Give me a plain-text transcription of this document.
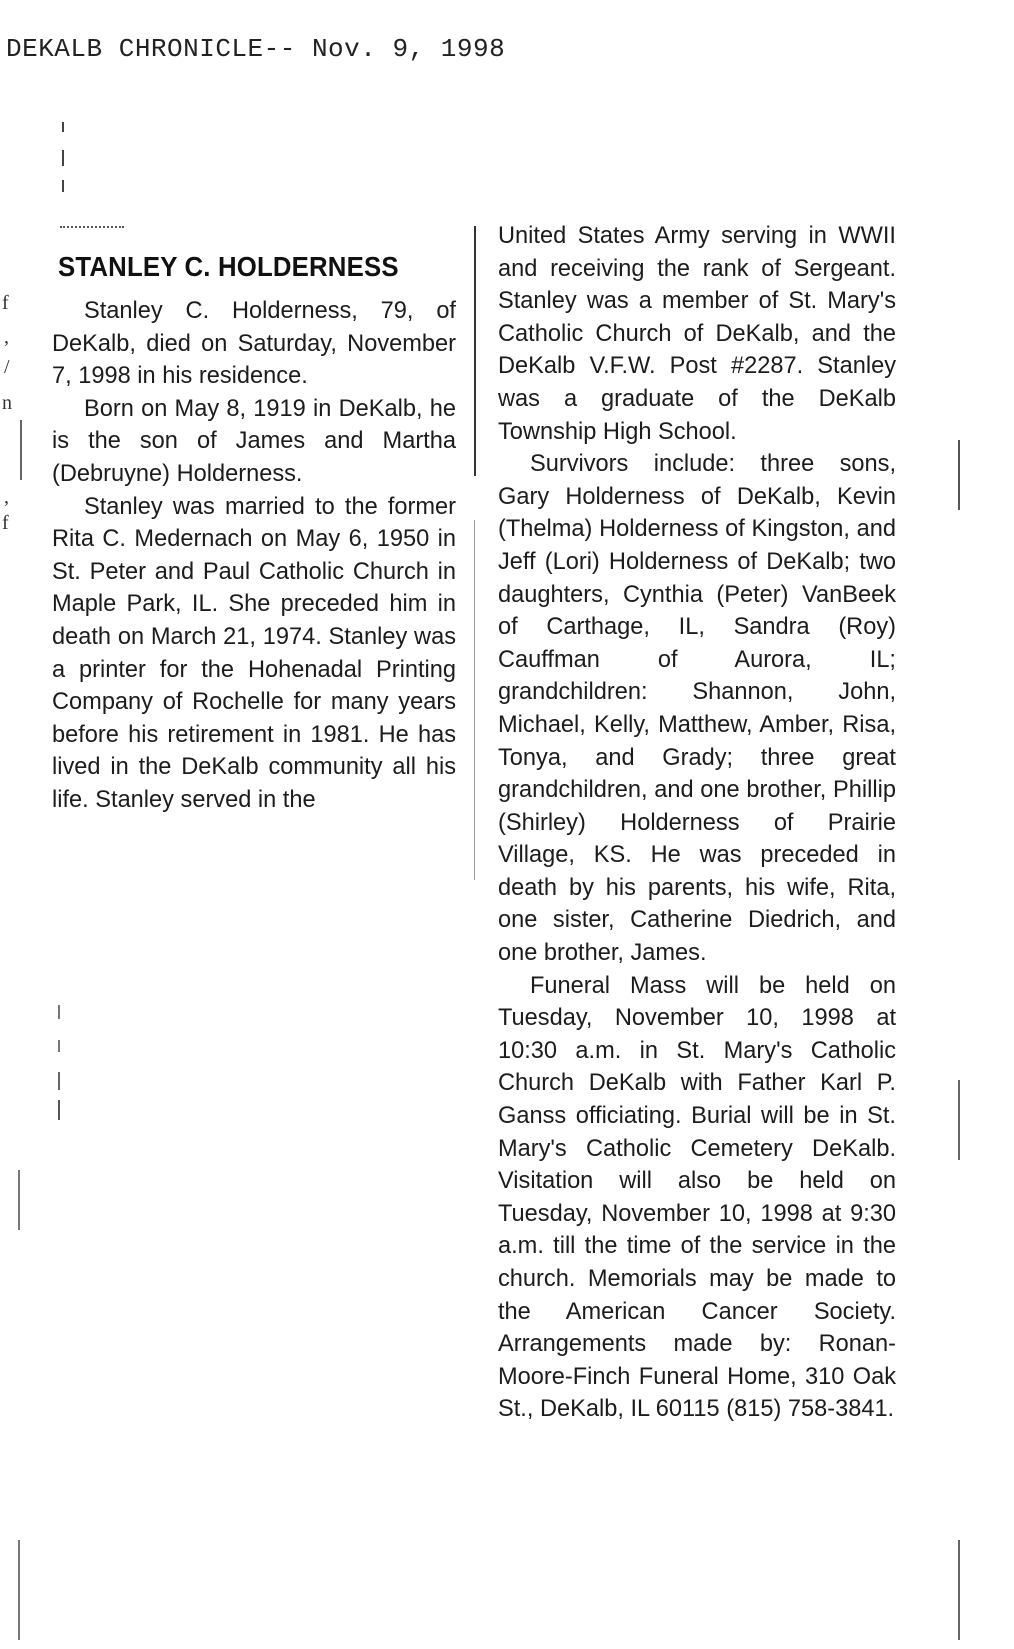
DEKALB CHRONICLE-- Nov. 9, 1998
f
,
/
n
,
f
STANLEY C. HOLDERNESS

Stanley C. Holderness, 79, of DeKalb, died on Saturday, November 7, 1998 in his residence.

Born on May 8, 1919 in DeKalb, he is the son of James and Martha (Debruyne) Holderness.

Stanley was married to the former Rita C. Medernach on May 6, 1950 in St. Peter and Paul Catholic Church in Maple Park, IL. She preceded him in death on March 21, 1974. Stanley was a printer for the Hohenadal Printing Company of Rochelle for many years before his retirement in 1981. He has lived in the DeKalb community all his life. Stanley served in the

United States Army serving in WWII and receiving the rank of Sergeant. Stanley was a member of St. Mary's Catholic Church of DeKalb, and the DeKalb V.F.W. Post #2287. Stanley was a graduate of the DeKalb Township High School.

Survivors include: three sons, Gary Holderness of DeKalb, Kevin (Thelma) Holderness of Kingston, and Jeff (Lori) Holderness of DeKalb; two daughters, Cynthia (Peter) VanBeek of Carthage, IL, Sandra (Roy) Cauffman of Aurora, IL; grandchildren: Shannon, John, Michael, Kelly, Matthew, Amber, Risa, Tonya, and Grady; three great grandchildren, and one brother, Phillip (Shirley) Holderness of Prairie Village, KS. He was preceded in death by his parents, his wife, Rita, one sister, Catherine Diedrich, and one brother, James.

Funeral Mass will be held on Tuesday, November 10, 1998 at 10:30 a.m. in St. Mary's Catholic Church DeKalb with Father Karl P. Ganss officiating. Burial will be in St. Mary's Catholic Cemetery DeKalb. Visitation will also be held on Tuesday, November 10, 1998 at 9:30 a.m. till the time of the service in the church. Memorials may be made to the American Cancer Society. Arrangements made by: Ronan-Moore-Finch Funeral Home, 310 Oak St., DeKalb, IL 60115 (815) 758-3841.
